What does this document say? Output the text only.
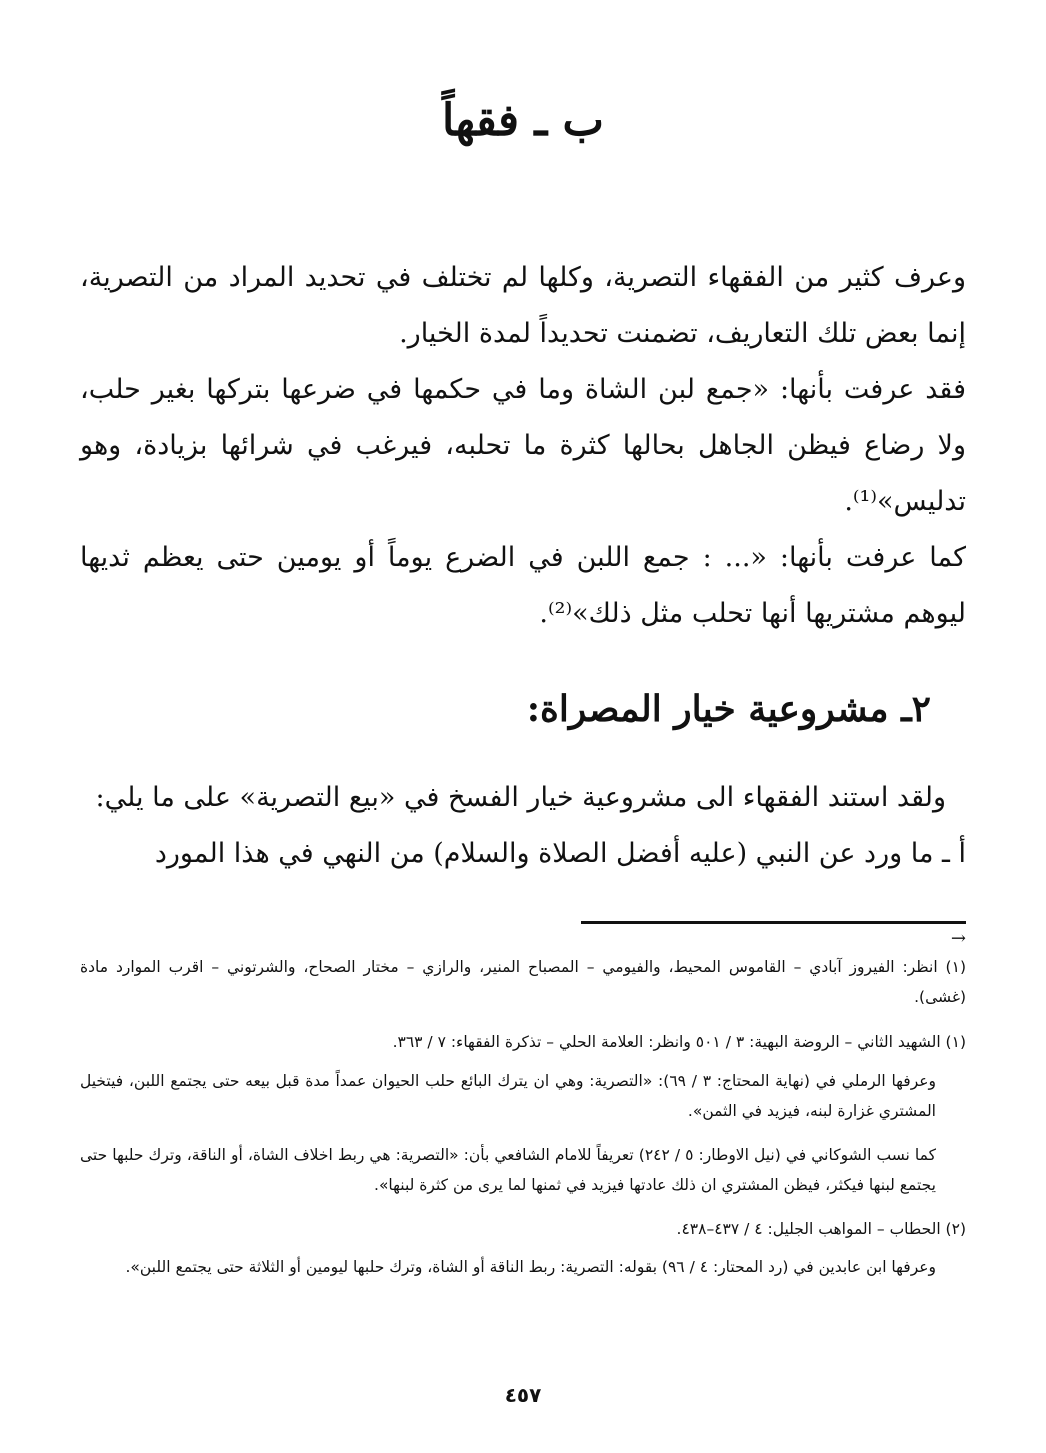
ب ـ فقهاً

وعرف كثير من الفقهاء التصرية، وكلها لم تختلف في تحديد المراد من التصرية، إنما بعض تلك التعاريف، تضمنت تحديداً لمدة الخيار.

فقد عرفت بأنها: «جمع لبن الشاة وما في حكمها في ضرعها بتركها بغير حلب، ولا رضاع فيظن الجاهل بحالها كثرة ما تحلبه، فيرغب في شرائها بزيادة، وهو تدليس»⁽¹⁾.

كما عرفت بأنها: «... : جمع اللبن في الضرع يوماً أو يومين حتى يعظم ثديها ليوهم مشتريها أنها تحلب مثل ذلك»⁽²⁾.

٢ـ مشروعية خيار المصراة:

ولقد استند الفقهاء الى مشروعية خيار الفسخ في «بيع التصرية» على ما يلي:

أ ـ ما ورد عن النبي (عليه أفضل الصلاة والسلام) من النهي في هذا المورد

→

(١) انظر: الفيروز آبادي – القاموس المحيط، والفيومي – المصباح المنير، والرازي – مختار الصحاح، والشرتوني – اقرب الموارد مادة (غشى).

(١) الشهيد الثاني – الروضة البهية: ٣ / ٥٠١ وانظر: العلامة الحلي – تذكرة الفقهاء: ٧ / ٣٦٣.

وعرفها الرملي في (نهاية المحتاج: ٣ / ٦٩): «التصرية: وهي ان يترك البائع حلب الحيوان عمداً مدة قبل بيعه حتى يجتمع اللبن، فيتخيل المشتري غزارة لبنه، فيزيد في الثمن».

كما نسب الشوكاني في (نيل الاوطار: ٥ / ٢٤٢) تعريفاً للامام الشافعي بأن: «التصرية: هي ربط اخلاف الشاة، أو الناقة، وترك حلبها حتى يجتمع لبنها فيكثر، فيظن المشتري ان ذلك عادتها فيزيد في ثمنها لما يرى من كثرة لبنها».

(٢) الحطاب – المواهب الجليل: ٤ / ٤٣٧–٤٣٨.

وعرفها ابن عابدين في (رد المحتار: ٤ / ٩٦) بقوله: التصرية: ربط الناقة أو الشاة، وترك حلبها ليومين أو الثلاثة حتى يجتمع اللبن».

٤٥٧
